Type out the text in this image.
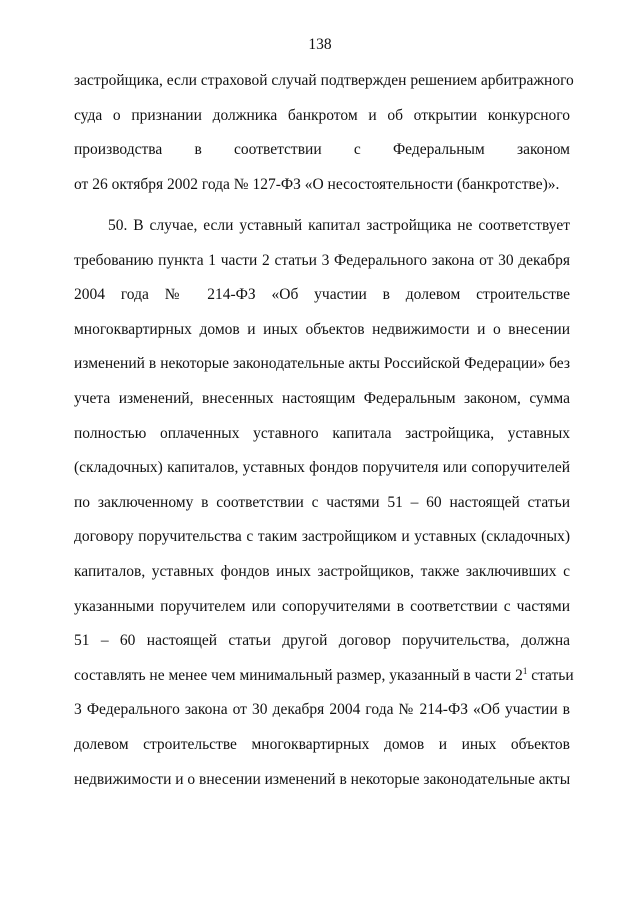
138
застройщика, если страховой случай подтвержден решением арбитражного
суда о признании должника банкротом и об открытии конкурсного
производства в соответствии с Федеральным законом
от 26 октября 2002 года № 127-ФЗ «О несостоятельности (банкротстве)».
50. В случае, если уставный капитал застройщика не соответствует
требованию пункта 1 части 2 статьи 3 Федерального закона от 30 декабря
2004 года № 214-ФЗ «Об участии в долевом строительстве
многоквартирных домов и иных объектов недвижимости и о внесении
изменений в некоторые законодательные акты Российской Федерации» без
учета изменений, внесенных настоящим Федеральным законом, сумма
полностью оплаченных уставного капитала застройщика, уставных
(складочных) капиталов, уставных фондов поручителя или сопоручителей
по заключенному в соответствии с частями 51 – 60 настоящей статьи
договору поручительства с таким застройщиком и уставных (складочных)
капиталов, уставных фондов иных застройщиков, также заключивших с
указанными поручителем или сопоручителями в соответствии с частями
51 – 60 настоящей статьи другой договор поручительства, должна
составлять не менее чем минимальный размер, указанный в части $2^1$ статьи
3 Федерального закона от 30 декабря 2004 года № 214-ФЗ «Об участии в
долевом строительстве многоквартирных домов и иных объектов
недвижимости и о внесении изменений в некоторые законодательные акты
